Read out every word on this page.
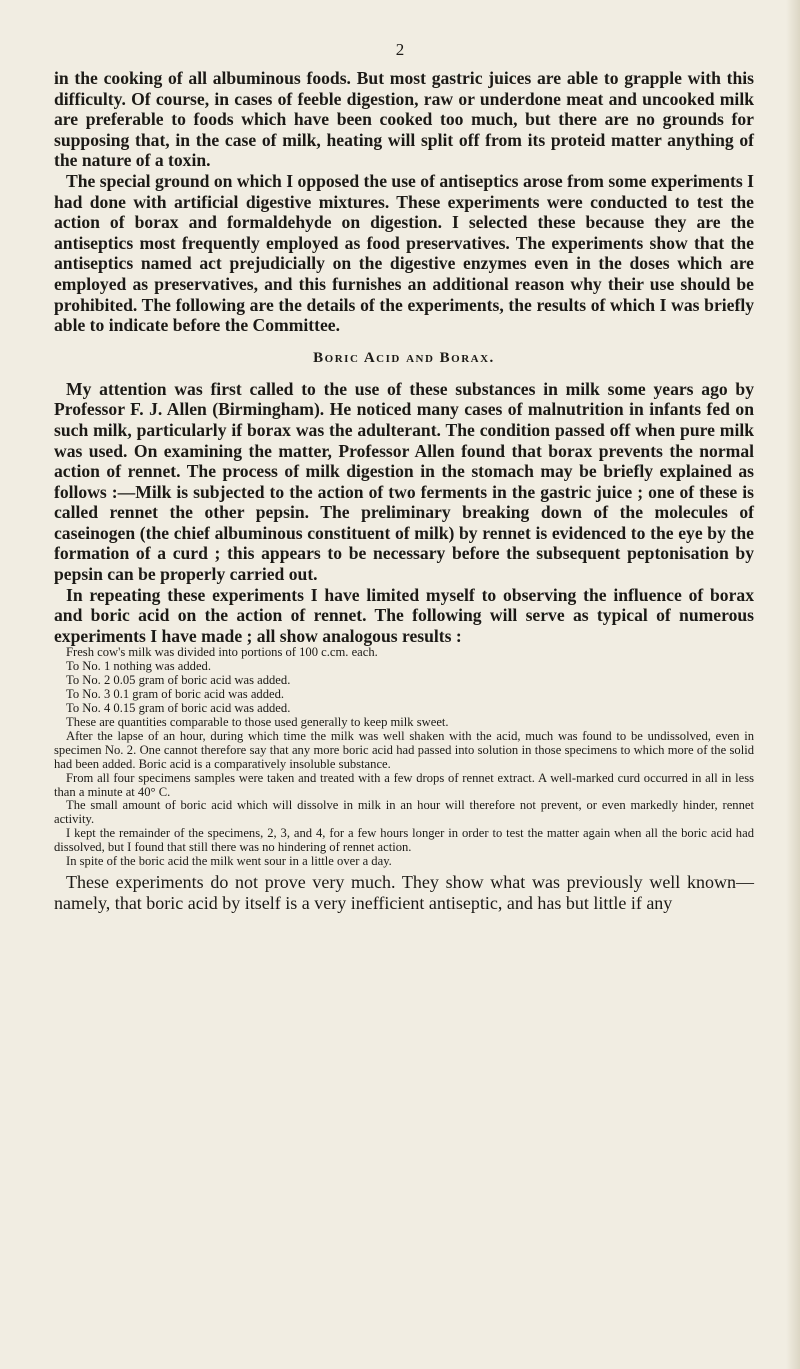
2

in the cooking of all albuminous foods. But most gastric juices are able to grapple with this difficulty. Of course, in cases of feeble digestion, raw or underdone meat and uncooked milk are preferable to foods which have been cooked too much, but there are no grounds for supposing that, in the case of milk, heating will split off from its proteid matter anything of the nature of a toxin.

The special ground on which I opposed the use of antiseptics arose from some experiments I had done with artificial digestive mixtures. These experiments were conducted to test the action of borax and formaldehyde on digestion. I selected these because they are the antiseptics most frequently employed as food preservatives. The experiments show that the antiseptics named act prejudicially on the digestive enzymes even in the doses which are employed as preservatives, and this furnishes an additional reason why their use should be prohibited. The following are the details of the experiments, the results of which I was briefly able to indicate before the Committee.

Boric Acid and Borax.

My attention was first called to the use of these substances in milk some years ago by Professor F. J. Allen (Birmingham). He noticed many cases of malnutrition in infants fed on such milk, particularly if borax was the adulterant. The condition passed off when pure milk was used. On examining the matter, Professor Allen found that borax prevents the normal action of rennet. The process of milk digestion in the stomach may be briefly explained as follows :—Milk is subjected to the action of two ferments in the gastric juice ; one of these is called rennet the other pepsin. The preliminary breaking down of the molecules of caseinogen (the chief albuminous constituent of milk) by rennet is evidenced to the eye by the formation of a curd ; this appears to be necessary before the subsequent peptonisation by pepsin can be properly carried out.

In repeating these experiments I have limited myself to observing the influence of borax and boric acid on the action of rennet. The following will serve as typical of numerous experiments I have made ; all show analogous results :

Fresh cow's milk was divided into portions of 100 c.cm. each.

To No. 1 nothing was added.

To No. 2 0.05 gram of boric acid was added.

To No. 3 0.1 gram of boric acid was added.

To No. 4 0.15 gram of boric acid was added.

These are quantities comparable to those used generally to keep milk sweet.

After the lapse of an hour, during which time the milk was well shaken with the acid, much was found to be undissolved, even in specimen No. 2. One cannot therefore say that any more boric acid had passed into solution in those specimens to which more of the solid had been added. Boric acid is a comparatively insoluble substance.

From all four specimens samples were taken and treated with a few drops of rennet extract. A well-marked curd occurred in all in less than a minute at 40° C.

The small amount of boric acid which will dissolve in milk in an hour will therefore not prevent, or even markedly hinder, rennet activity.

I kept the remainder of the specimens, 2, 3, and 4, for a few hours longer in order to test the matter again when all the boric acid had dissolved, but I found that still there was no hindering of rennet action.

In spite of the boric acid the milk went sour in a little over a day.

These experiments do not prove very much. They show what was previously well known—namely, that boric acid by itself is a very inefficient antiseptic, and has but little if any
